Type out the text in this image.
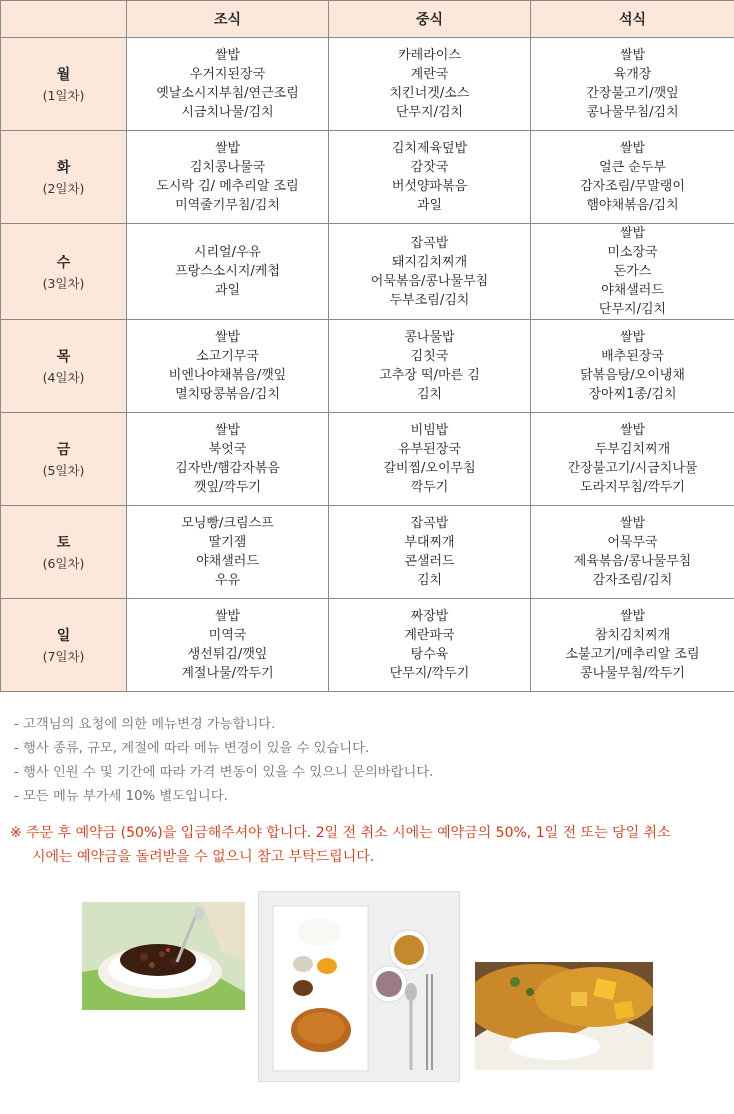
	조식	중식	석식

월
(1일차)	쌀밥
우거지된장국
옛날소시지부침/연근조림
시금치나물/김치	카레라이스
계란국
치킨너겟/소스
단무지/김치	쌀밥
육개장
간장불고기/깻잎
콩나물무침/김치

화
(2일차)	쌀밥
김치콩나물국
도시락 김/ 메추리알 조림
미역줄기무침/김치	김치제육덮밥
감잣국
버섯양파볶음
과일	쌀밥
얼큰 순두부
감자조림/무말랭이
햄야채볶음/김치

수
(3일차)	시리얼/우유
프랑스소시지/케첩
과일	잡곡밥
돼지김치찌개
어묵볶음/콩나물무침
두부조림/김치	쌀밥
미소장국
돈가스
야채샐러드
단무지/김치

목
(4일차)	쌀밥
소고기무국
비엔나야채볶음/깻잎
멸치땅콩볶음/김치	콩나물밥
김칫국
고추장 떡/마른 김
김치	쌀밥
배추된장국
닭볶음탕/오이냉채
장아찌1종/김치

금
(5일차)	쌀밥
북엇국
김자반/햄감자볶음
깻잎/깍두기	비빔밥
유부된장국
갈비찜/오이무침
깍두기	쌀밥
두부김치찌개
간장불고기/시금치나물
도라지무침/깍두기

토
(6일차)	모닝빵/크림스프
딸기잼
야채샐러드
우유	잡곡밥
부대찌개
콘샐러드
김치	쌀밥
어묵무국
제육볶음/콩나물무침
감자조림/김치

일
(7일차)	쌀밥
미역국
생선튀김/깻잎
계절나물/깍두기	짜장밥
계란파국
탕수육
단무지/깍두기	쌀밥
참치김치찌개
소불고기/메추리알 조림
콩나물무침/깍두기
- 고객님의 요청에 의한 메뉴변경 가능합니다.
- 행사 종류, 규모, 계절에 따라 메뉴 변경이 있을 수 있습니다.
- 행사 인원 수 및 기간에 따라 가격 변동이 있을 수 있으니 문의바랍니다.
- 모든 메뉴 부가세 10% 별도입니다.
※ 주문 후 예약금 (50%)을 입금해주셔야 합니다. 2일 전 취소 시에는 예약금의 50%, 1일 전 또는 당일 취소
시에는 예약금을 돌려받을 수 없으니 참고 부탁드립니다.
